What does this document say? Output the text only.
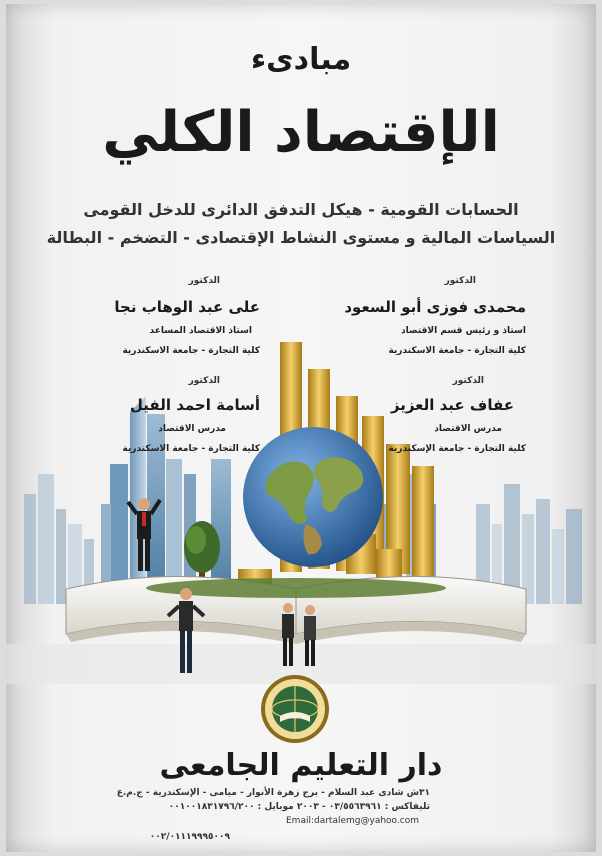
مبادىء
الإقتصاد الكلي
الحسابات القومية - هيكل التدفق الدائرى للدخل القومى
السياسات المالية و مستوى النشاط الإقتصادى - التضخم - البطالة
الدكتور
محمدى فوزى أبو السعود
استاذ و رئيس قسم الاقتصاد
كلية التجارة - جامعة الاسكندرية
الدكتور
على عبد الوهاب نجا
استاذ الاقتصاد المساعد
كلية التجارة - جامعة الاسكندرية
الدكتور
عفاف عبد العزيز
مدرس الاقتصاد
كلية التجارة - جامعة الإسكندرية
الدكتور
أسامة احمد الفيل
مدرس الاقتصاد
كلية التجارة - جامعة الاسكندرية
دار التعليم الجامعى
٣١ش شادى عبد السلام - برج زهرة الأنوار - ميامى - الإسكندرية - ج.م.ع
تليفاكس : ٠٣/٥٥٦٣٩٦١ - ٢٠٠٣ موبايل : ٠٠١٠٠١٨٣١٧٩٦/٢٠٠
Email:dartalemg@yahoo.com
٠٠٢/٠١١١٩٩٩٥٠٠٩
